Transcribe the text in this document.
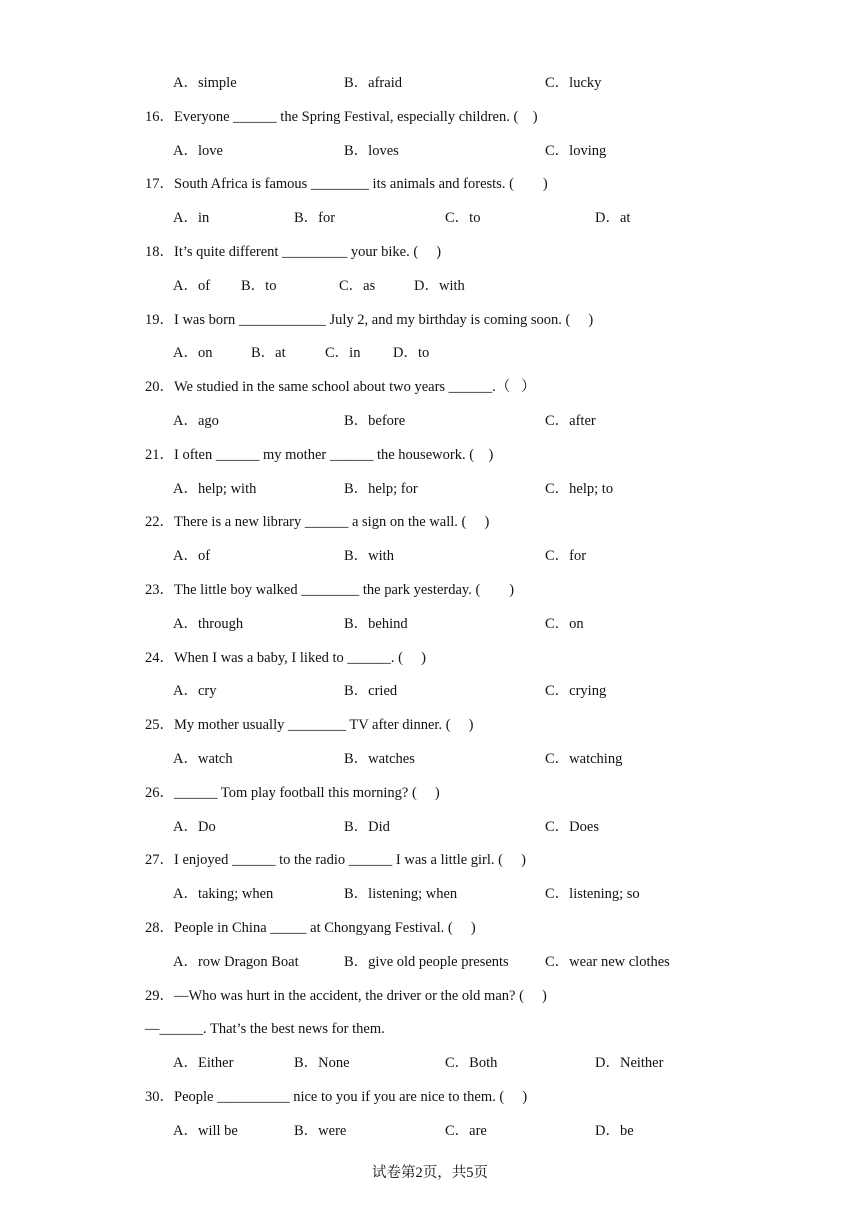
A．simple	B．afraid	C．lucky
16．Everyone ______ the Spring Festival, especially children. (    )
A．love	B．loves	C．loving
17．South Africa is famous ________ its animals and forests. (        )
A．in	B．for	C．to	D．at
18．It’s quite different _________ your bike. (     )
A．of B．to	C．as	D．with
19．I was born ____________ July 2, and my birthday is coming soon. (     )
A．on	B．at	C．in D．to
20．We studied in the same school about two years ______.（   ）
A．ago	B．before	C．after
21．I often ______ my mother ______ the housework. (    )
A．help; with	B．help; for	C．help; to
22．There is a new library ______ a sign on the wall. (     )
A．of	B．with	C．for
23．The little boy walked ________ the park yesterday. (        )
A．through	B．behind	C．on
24．When I was a baby, I liked to ______. (     )
A．cry	B．cried	C．crying
25．My mother usually ________ TV after dinner. (     )
A．watch	B．watches	C．watching
26．______ Tom play football this morning? (     )
A．Do	B．Did	C．Does
27．I enjoyed ______ to the radio ______ I was a little girl. (     )
A．taking; when	B．listening; when	C．listening; so
28．People in China _____ at Chongyang Festival. (     )
A．row Dragon Boat	B．give old people presents	C．wear new clothes
29．—Who was hurt in the accident, the driver or the old man? (     )
—______. That’s the best news for them.
A．Either	B．None	C．Both	D．Neither
30．People __________ nice to you if you are nice to them. (     )
A．will be	B．were	C．are	D．be
试卷第2页，共5页
